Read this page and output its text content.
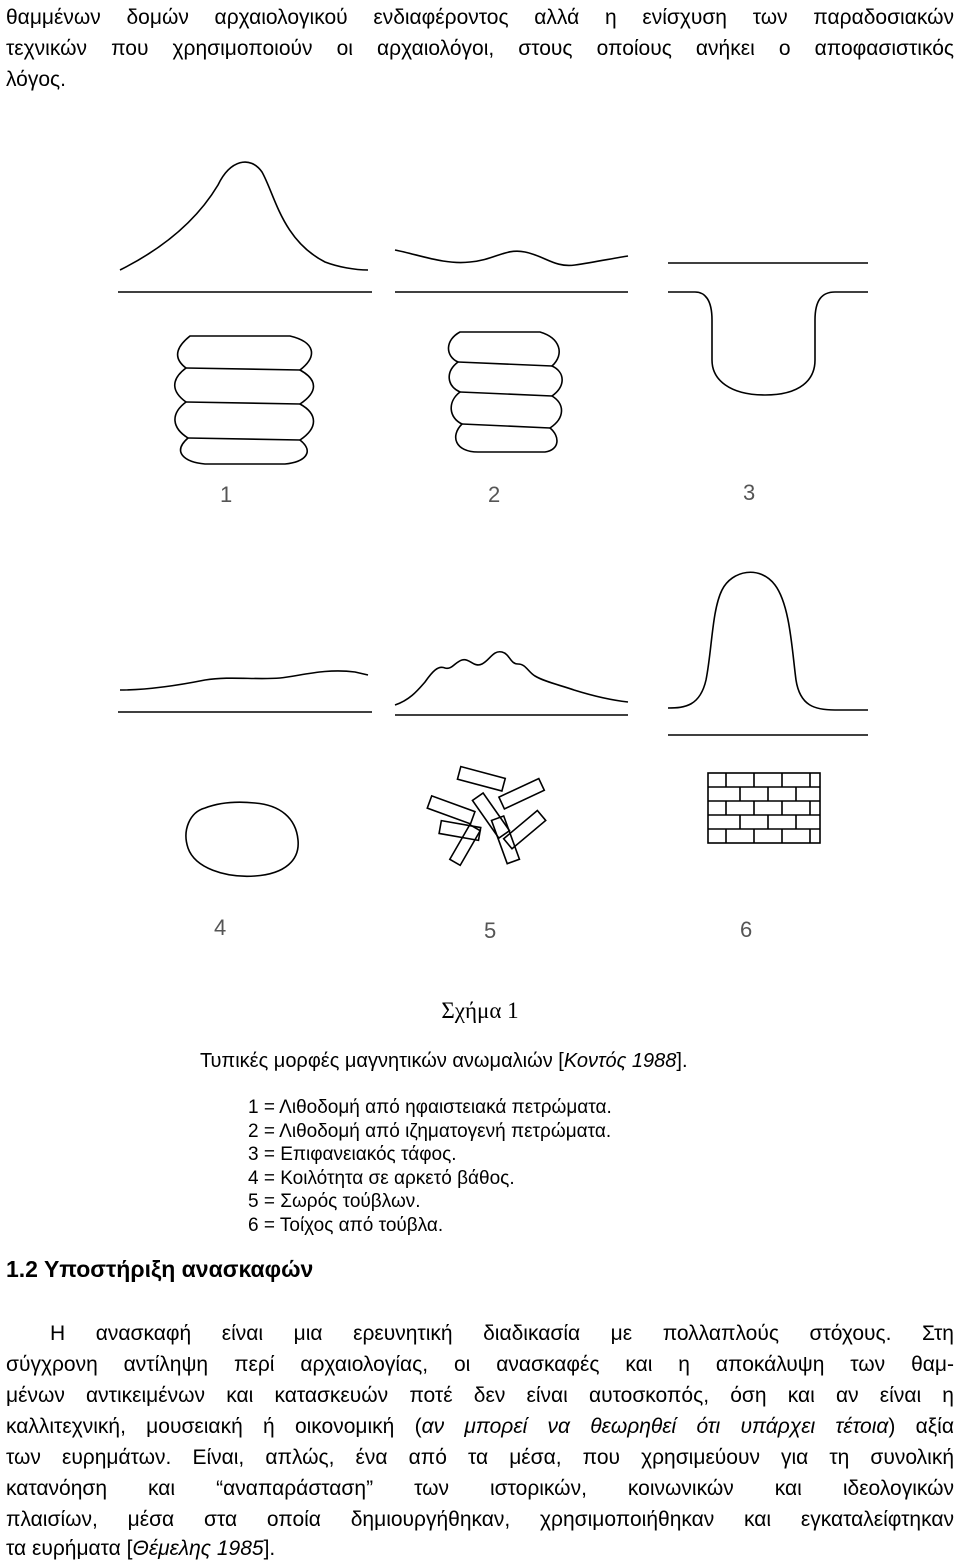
θαμμένων δομών αρχαιολογικού ενδιαφέροντος αλλά η ενίσχυση των παραδοσιακών

τεχνικών που χρησιμοποιούν οι αρχαιολόγοι, στους οποίους ανήκει ο αποφασιστικός

λόγος.

1	2	3
4	5	6
Σχήμα 1
Τυπικές μορφές μαγνητικών ανωμαλιών [Κοντός 1988].
1 = Λιθοδομή από ηφαιστειακά πετρώματα.
2 = Λιθοδομή από ιζηματογενή πετρώματα.
3 = Επιφανειακός τάφος.
4 = Κοιλότητα σε αρκετό βάθος.
5 = Σωρός τούβλων.
6 = Τοίχος από τούβλα.
1.2 Υποστήριξη ανασκαφών

Η ανασκαφή είναι μια ερευνητική διαδικασία με πολλαπλούς στόχους. Στη

σύγχρονη αντίληψη περί αρχαιολογίας, οι ανασκαφές και η αποκάλυψη των θαμ-

μένων αντικειμένων και κατασκευών ποτέ δεν είναι αυτοσκοπός, όση και αν είναι η

καλλιτεχνική, μουσειακή ή οικονομική (αν μπορεί να θεωρηθεί ότι υπάρχει τέτοια) αξία

των ευρημάτων. Είναι, απλώς, ένα από τα μέσα, που χρησιμεύουν για τη συνολική

κατανόηση και “αναπαράσταση” των ιστορικών, κοινωνικών και ιδεολογικών

πλαισίων, μέσα στα οποία δημιουργήθηκαν, χρησιμοποιήθηκαν και εγκαταλείφτηκαν

τα ευρήματα [Θέμελης 1985].
